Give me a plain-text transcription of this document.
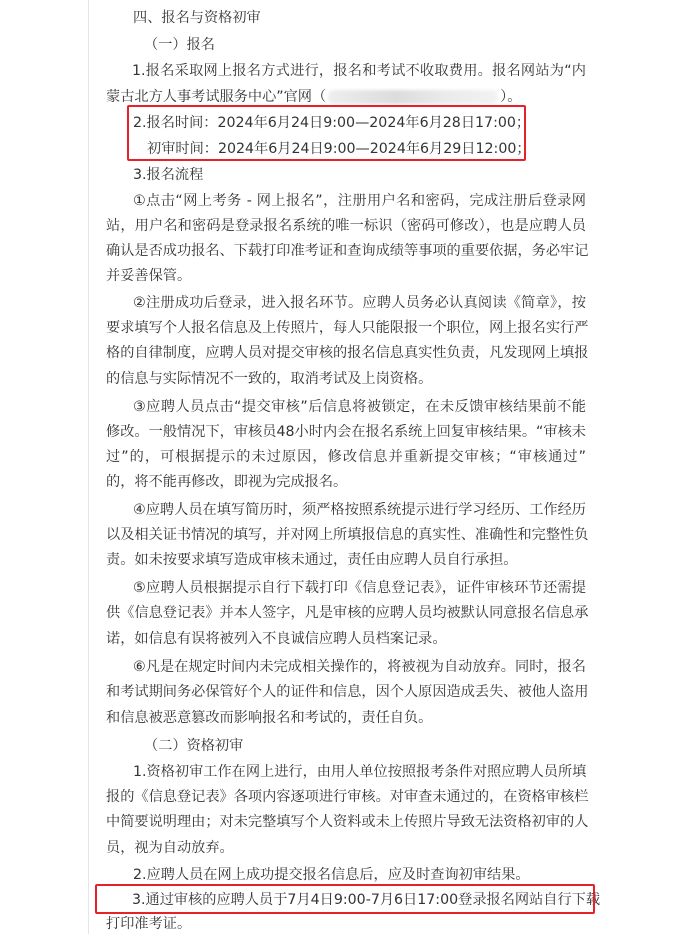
四、报名与资格初审
（一）报名
1.报名采取网上报名方式进行，报名和考试不收取费用。报名网站为“内
蒙古北方人事考试服务中心”官网（	）。
2.报名时间：2024年6月24日9:00—2024年6月28日17:00；
初审时间：2024年6月24日9:00—2024年6月29日12:00；
3.报名流程
①点击“网上考务 - 网上报名”，注册用户名和密码，完成注册后登录网
站，用户名和密码是登录报名系统的唯一标识（密码可修改），也是应聘人员
确认是否成功报名、下载打印准考证和查询成绩等事项的重要依据，务必牢记
并妥善保管。
②注册成功后登录，进入报名环节。应聘人员务必认真阅读《简章》，按
要求填写个人报名信息及上传照片，每人只能限报一个职位，网上报名实行严
格的自律制度，应聘人员对提交审核的报名信息真实性负责，凡发现网上填报
的信息与实际情况不一致的，取消考试及上岗资格。
③应聘人员点击“提交审核”后信息将被锁定，在未反馈审核结果前不能
修改。一般情况下，审核员48小时内会在报名系统上回复审核结果。“审核未
过”的，可根据提示的未过原因，修改信息并重新提交审核；“审核通过”
的，将不能再修改，即视为完成报名。
④应聘人员在填写简历时，须严格按照系统提示进行学习经历、工作经历
以及相关证书情况的填写，并对网上所填报信息的真实性、准确性和完整性负
责。如未按要求填写造成审核未通过，责任由应聘人员自行承担。
⑤应聘人员根据提示自行下载打印《信息登记表》，证件审核环节还需提
供《信息登记表》并本人签字，凡是审核的应聘人员均被默认同意报名信息承
诺，如信息有误将被列入不良诚信应聘人员档案记录。
⑥凡是在规定时间内未完成相关操作的，将被视为自动放弃。同时，报名
和考试期间务必保管好个人的证件和信息，因个人原因造成丢失、被他人盗用
和信息被恶意篡改而影响报名和考试的，责任自负。
（二）资格初审
1.资格初审工作在网上进行，由用人单位按照报考条件对照应聘人员所填
报的《信息登记表》各项内容逐项进行审核。对审查未通过的，在资格审核栏
中简要说明理由；对未完整填写个人资料或未上传照片导致无法资格初审的人
员，视为自动放弃。
2.应聘人员在网上成功提交报名信息后，应及时查询初审结果。
3.通过审核的应聘人员于7月4日9:00-7月6日17:00登录报名网站自行下载
打印准考证。
